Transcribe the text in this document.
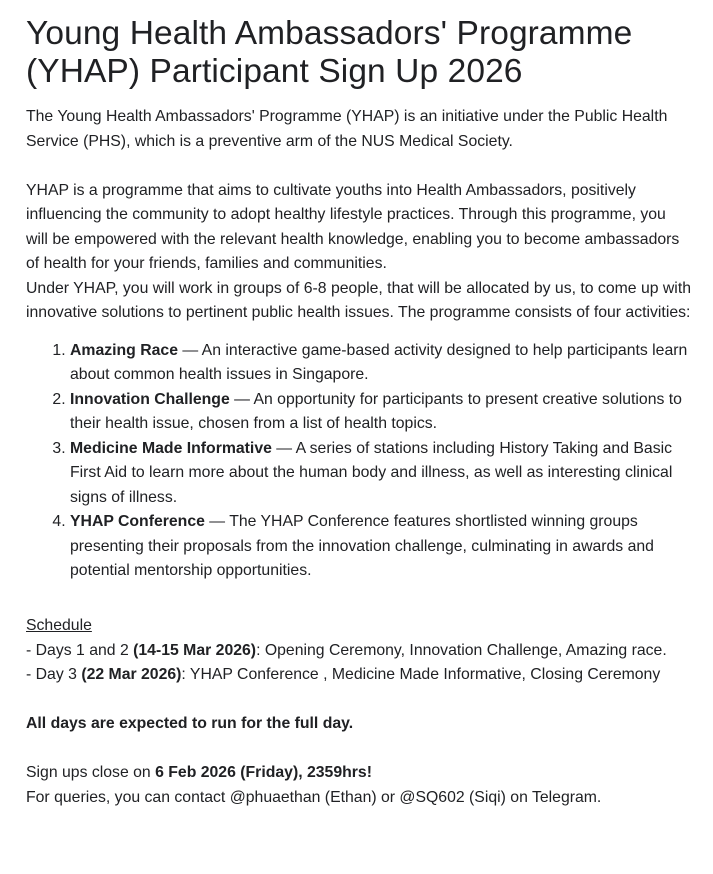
Young Health Ambassadors' Programme (YHAP) Participant Sign Up 2026

The Young Health Ambassadors' Programme (YHAP) is an initiative under the Public Health Service (PHS), which is a preventive arm of the NUS Medical Society.

YHAP is a programme that aims to cultivate youths into Health Ambassadors, positively influencing the community to adopt healthy lifestyle practices. Through this programme, you will be empowered with the relevant health knowledge, enabling you to become ambassadors of health for your friends, families and communities.

Under YHAP, you will work in groups of 6-8 people, that will be allocated by us, to come up with innovative solutions to pertinent public health issues. The programme consists of four activities:

1. Amazing Race — An interactive game-based activity designed to help participants learn about common health issues in Singapore.
2. Innovation Challenge — An opportunity for participants to present creative solutions to their health issue, chosen from a list of health topics.
3. Medicine Made Informative — A series of stations including History Taking and Basic First Aid to learn more about the human body and illness, as well as interesting clinical signs of illness.
4. YHAP Conference — The YHAP Conference features shortlisted winning groups presenting their proposals from the innovation challenge, culminating in awards and potential mentorship opportunities.

Schedule

- Days 1 and 2 (14-15 Mar 2026): Opening Ceremony, Innovation Challenge, Amazing race.

- Day 3 (22 Mar 2026): YHAP Conference , Medicine Made Informative, Closing Ceremony

All days are expected to run for the full day.

Sign ups close on 6 Feb 2026 (Friday), 2359hrs!

For queries, you can contact @phuaethan (Ethan) or @SQ602 (Siqi) on Telegram.
